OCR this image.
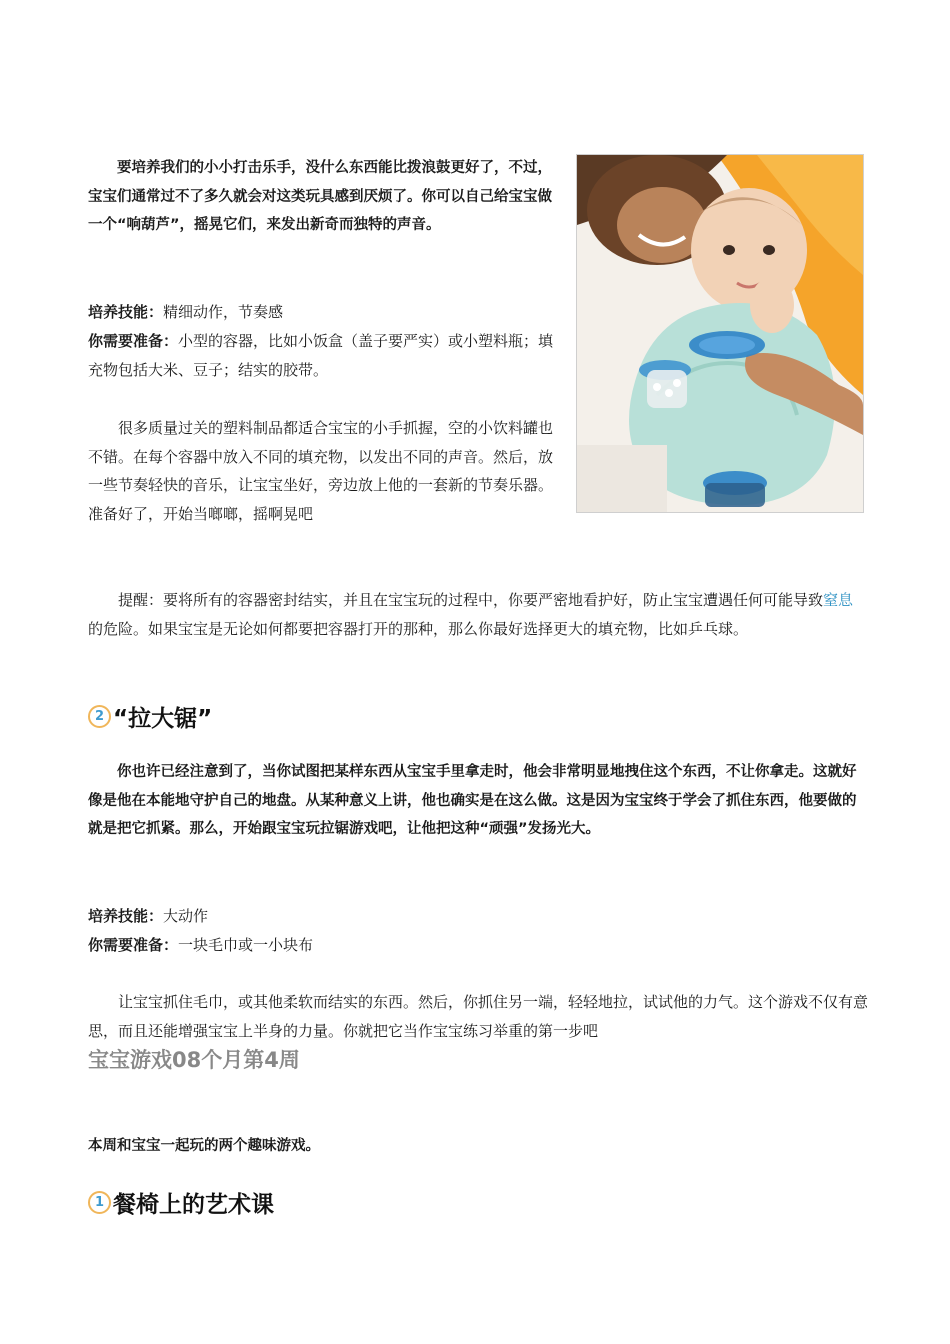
要培养我们的小小打击乐手，没什么东西能比拨浪鼓更好了，不过，宝宝们通常过不了多久就会对这类玩具感到厌烦了。你可以自己给宝宝做一个“响葫芦”，摇晃它们，来发出新奇而独特的声音。

培养技能：精细动作，节奏感

你需要准备：小型的容器，比如小饭盒（盖子要严实）或小塑料瓶；填充物包括大米、豆子；结实的胶带。

很多质量过关的塑料制品都适合宝宝的小手抓握，空的小饮料罐也不错。在每个容器中放入不同的填充物，以发出不同的声音。然后，放一些节奏轻快的音乐，让宝宝坐好，旁边放上他的一套新的节奏乐器。准备好了，开始当啷啷，摇啊晃吧

提醒：要将所有的容器密封结实，并且在宝宝玩的过程中，你要严密地看护好，防止宝宝遭遇任何可能导致窒息的危险。如果宝宝是无论如何都要把容器打开的那种，那么你最好选择更大的填充物，比如乒乓球。

2 “拉大锯”

你也许已经注意到了，当你试图把某样东西从宝宝手里拿走时，他会非常明显地拽住这个东西，不让你拿走。这就好像是他在本能地守护自己的地盘。从某种意义上讲，他也确实是在这么做。这是因为宝宝终于学会了抓住东西，他要做的就是把它抓紧。那么，开始跟宝宝玩拉锯游戏吧，让他把这种“顽强”发扬光大。

培养技能：大动作

你需要准备：一块毛巾或一小块布

让宝宝抓住毛巾，或其他柔软而结实的东西。然后，你抓住另一端，轻轻地拉，试试他的力气。这个游戏不仅有意思，而且还能增强宝宝上半身的力量。你就把它当作宝宝练习举重的第一步吧

宝宝游戏08个月第4周

本周和宝宝一起玩的两个趣味游戏。

1 餐椅上的艺术课
